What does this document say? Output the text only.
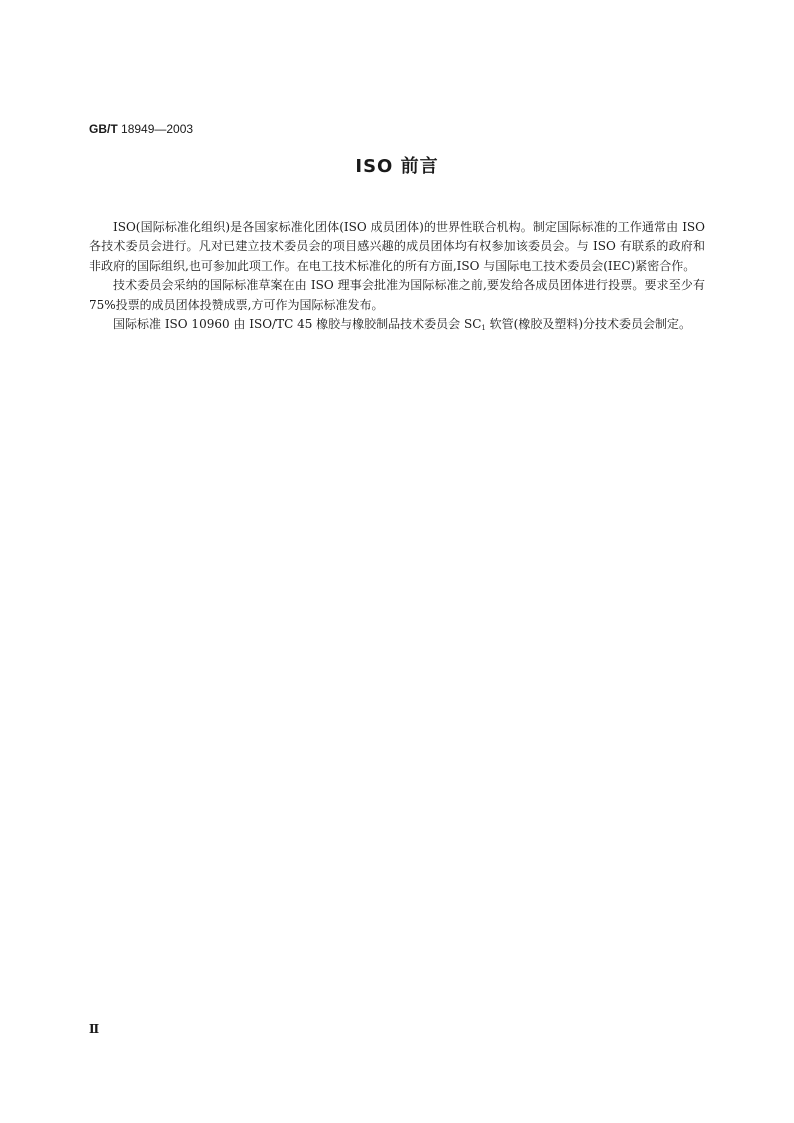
GB/T 18949—2003
ISO 前言

ISO(国际标准化组织)是各国家标准化团体(ISO 成员团体)的世界性联合机构。制定国际标准的工作通常由 ISO 各技术委员会进行。凡对已建立技术委员会的项目感兴趣的成员团体均有权参加该委员会。与 ISO 有联系的政府和非政府的国际组织,也可参加此项工作。在电工技术标准化的所有方面,ISO 与国际电工技术委员会(IEC)紧密合作。

技术委员会采纳的国际标准草案在由 ISO 理事会批准为国际标准之前,要发给各成员团体进行投票。要求至少有 75%投票的成员团体投赞成票,方可作为国际标准发布。

国际标准 ISO 10960 由 ISO/TC 45 橡胶与橡胶制品技术委员会 $SC_1$ 软管(橡胶及塑料)分技术委员会制定。

Ⅱ
